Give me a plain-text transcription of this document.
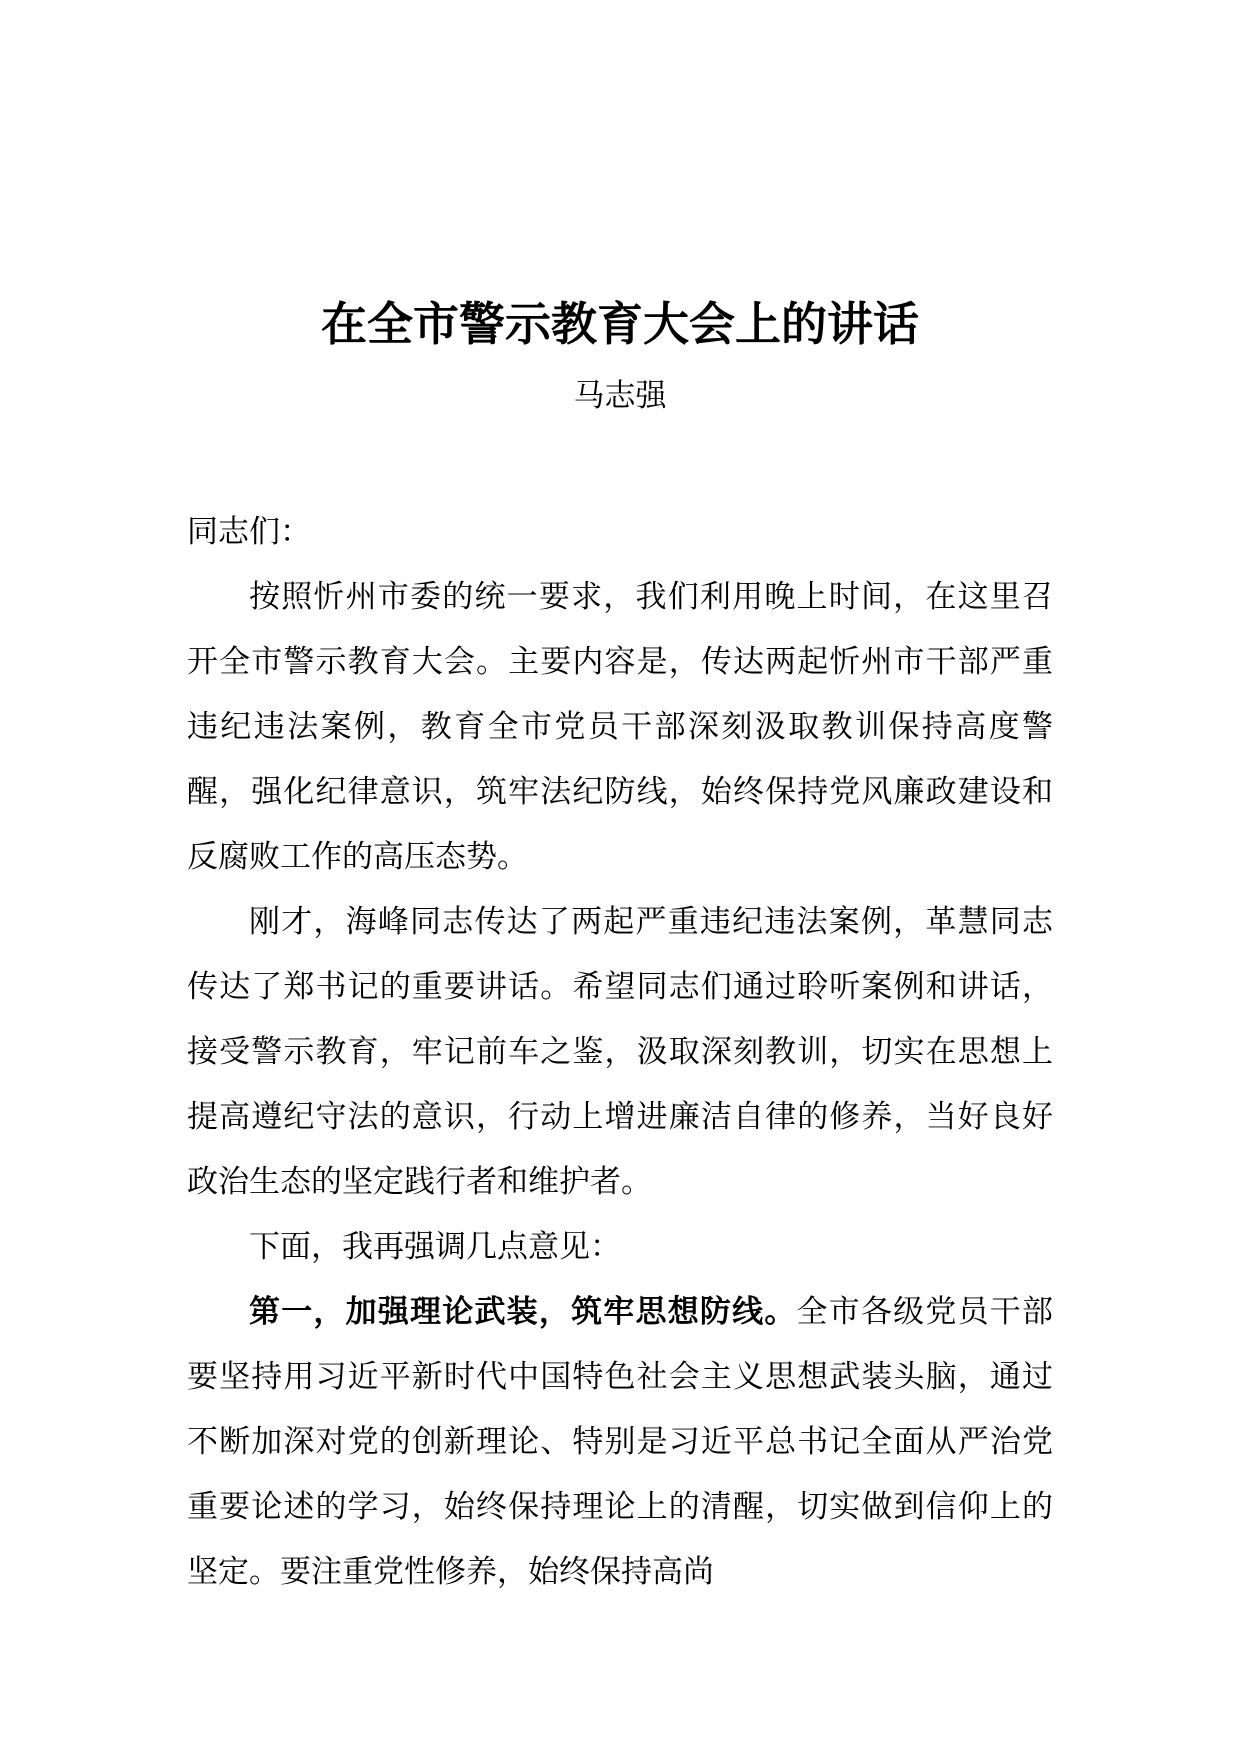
在全市警示教育大会上的讲话
马志强

同志们：

按照忻州市委的统一要求，我们利用晚上时间，在这里召开全市警示教育大会。主要内容是，传达两起忻州市干部严重违纪违法案例，教育全市党员干部深刻汲取教训保持高度警醒，强化纪律意识，筑牢法纪防线，始终保持党风廉政建设和反腐败工作的高压态势。

刚才，海峰同志传达了两起严重违纪违法案例，革慧同志传达了郑书记的重要讲话。希望同志们通过聆听案例和讲话，接受警示教育，牢记前车之鉴，汲取深刻教训，切实在思想上提高遵纪守法的意识，行动上增进廉洁自律的修养，当好良好政治生态的坚定践行者和维护者。

下面，我再强调几点意见：

第一，加强理论武装，筑牢思想防线。全市各级党员干部要坚持用习近平新时代中国特色社会主义思想武装头脑，通过不断加深对党的创新理论、特别是习近平总书记全面从严治党重要论述的学习，始终保持理论上的清醒，切实做到信仰上的坚定。要注重党性修养，始终保持高尚
